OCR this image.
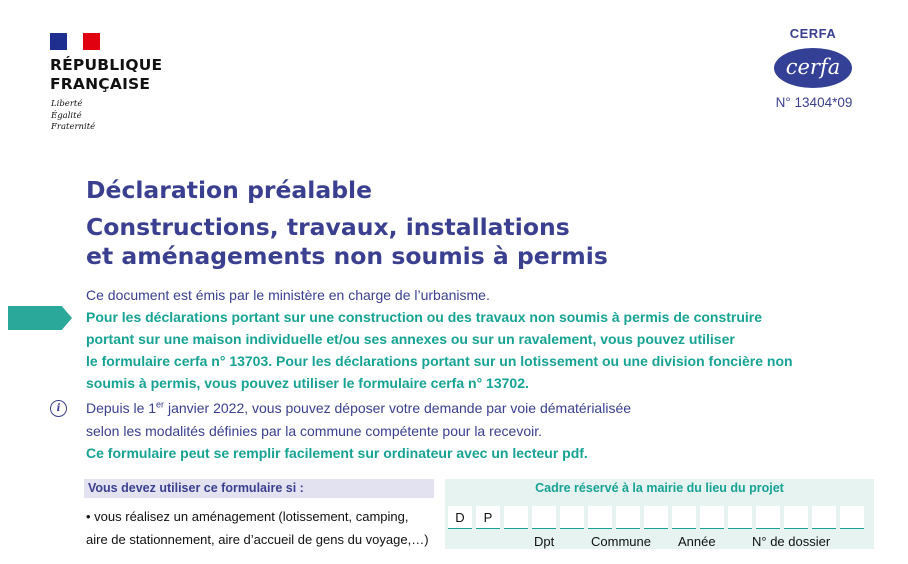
RÉPUBLIQUE
FRANÇAISE
Liberté
Égalité
Fraternité
CERFA
cerfa
N° 13404*09
Déclaration préalable
Constructions, travaux, installations
et aménagements non soumis à permis
Ce document est émis par le ministère en charge de l’urbanisme.
Pour les déclarations portant sur une construction ou des travaux non soumis à permis de construire
portant sur une maison individuelle et/ou ses annexes ou sur un ravalement, vous pouvez utiliser
le formulaire cerfa n° 13703. Pour les déclarations portant sur un lotissement ou une division foncière non
soumis à permis, vous pouvez utiliser le formulaire cerfa n° 13702.
i	Depuis le 1er janvier 2022, vous pouvez déposer votre demande par voie dématérialisée
selon les modalités définies par la commune compétente pour la recevoir.
Ce formulaire peut se remplir facilement sur ordinateur avec un lecteur pdf.
Vous devez utiliser ce formulaire si :
• vous réalisez un aménagement (lotissement, camping,
aire de stationnement, aire d’accueil de gens du voyage,…)
Cadre réservé à la mairie du lieu du projet
D	P
Dpt	Commune Année	N° de dossier
